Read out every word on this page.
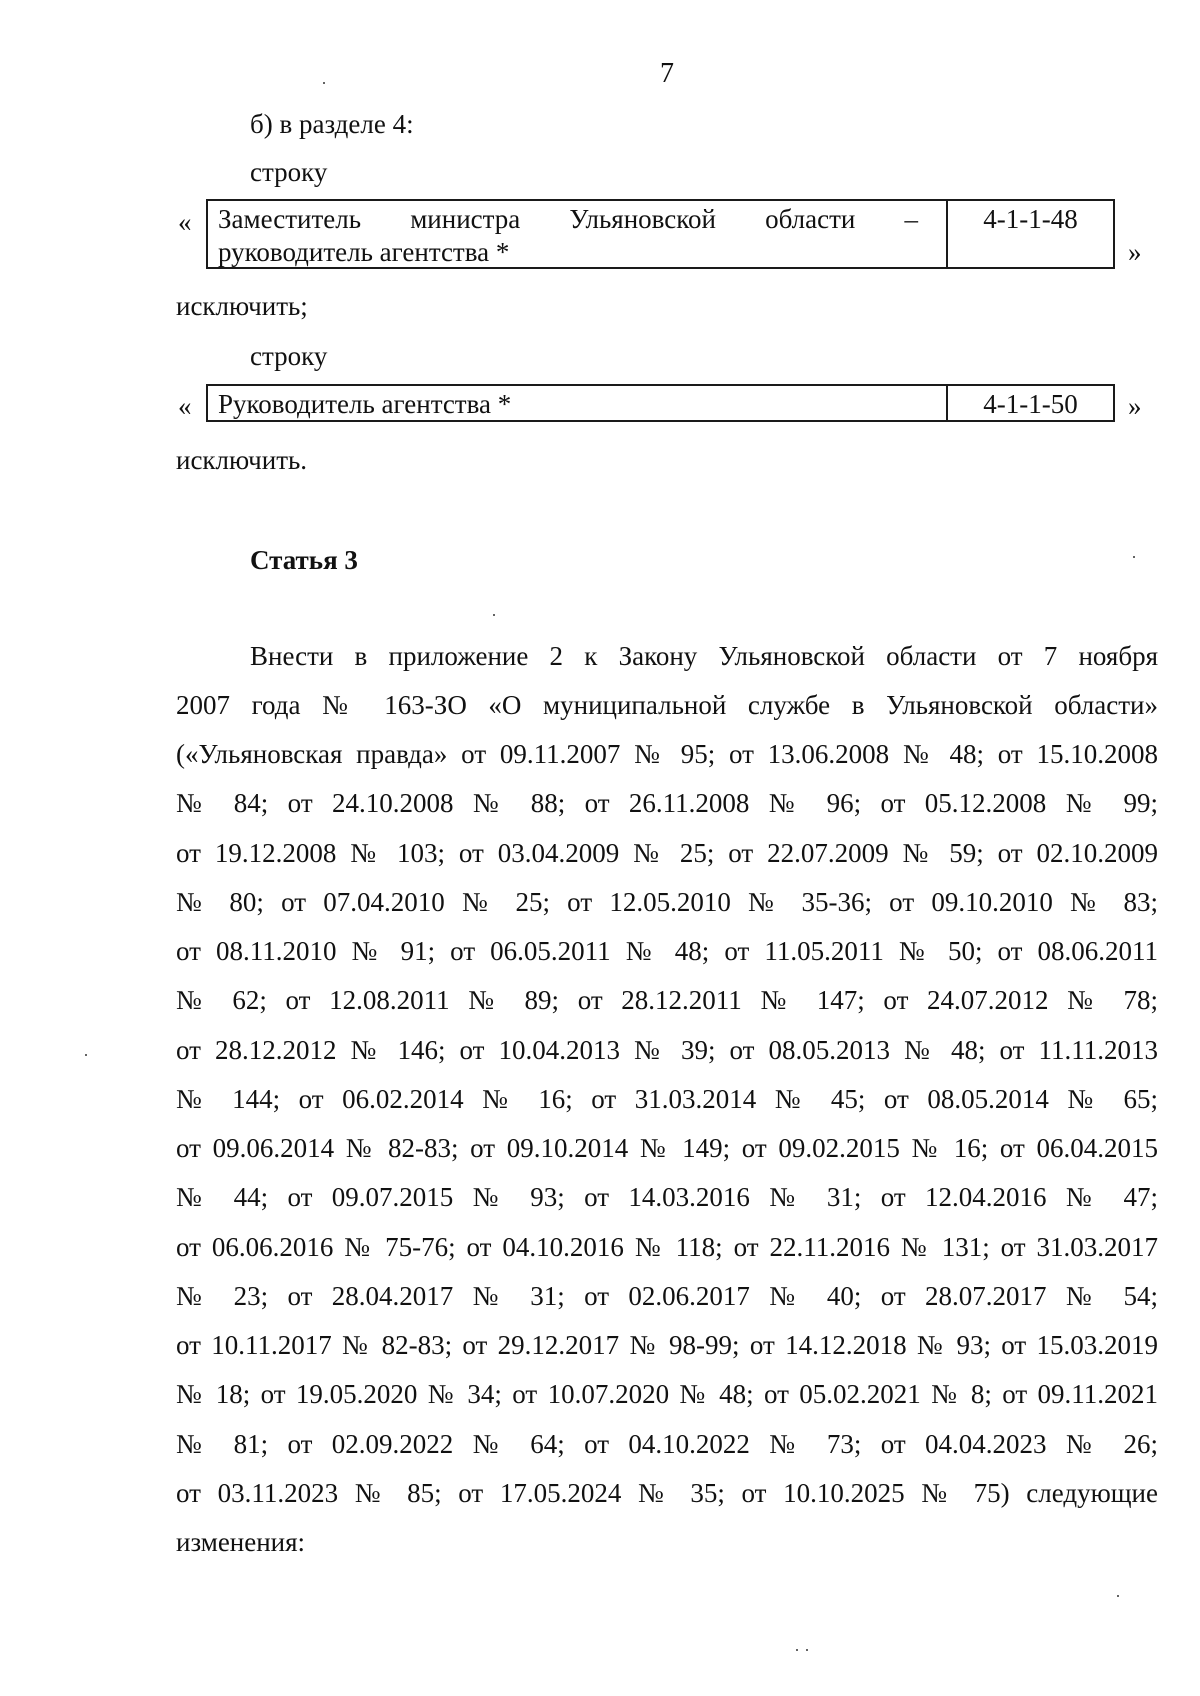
7
б) в разделе 4:
строку
« Заместитель министра Ульяновской области –
руководитель агентства *
4-1-1-48
»
исключить;
строку
« Руководитель агентства *	4-1-1-50	»
исключить.
Статья 3
Внести в приложение 2 к Закону Ульяновской области от 7 ноября
2007 года № 163-ЗО «О муниципальной службе в Ульяновской области»
(«Ульяновская правда» от 09.11.2007 № 95; от 13.06.2008 № 48; от 15.10.2008
№ 84; от 24.10.2008 № 88; от 26.11.2008 № 96; от 05.12.2008 № 99;
от 19.12.2008 № 103; от 03.04.2009 № 25; от 22.07.2009 № 59; от 02.10.2009
№ 80; от 07.04.2010 № 25; от 12.05.2010 № 35-36; от 09.10.2010 № 83;
от 08.11.2010 № 91; от 06.05.2011 № 48; от 11.05.2011 № 50; от 08.06.2011
№ 62; от 12.08.2011 № 89; от 28.12.2011 № 147; от 24.07.2012 № 78;
от 28.12.2012 № 146; от 10.04.2013 № 39; от 08.05.2013 № 48; от 11.11.2013
№ 144; от 06.02.2014 № 16; от 31.03.2014 № 45; от 08.05.2014 № 65;
от 09.06.2014 № 82-83; от 09.10.2014 № 149; от 09.02.2015 № 16; от 06.04.2015
№ 44; от 09.07.2015 № 93; от 14.03.2016 № 31; от 12.04.2016 № 47;
от 06.06.2016 № 75-76; от 04.10.2016 № 118; от 22.11.2016 № 131; от 31.03.2017
№ 23; от 28.04.2017 № 31; от 02.06.2017 № 40; от 28.07.2017 № 54;
от 10.11.2017 № 82-83; от 29.12.2017 № 98-99; от 14.12.2018 № 93; от 15.03.2019
№ 18; от 19.05.2020 № 34; от 10.07.2020 № 48; от 05.02.2021 № 8; от 09.11.2021
№ 81; от 02.09.2022 № 64; от 04.10.2022 № 73; от 04.04.2023 № 26;
от 03.11.2023 № 85; от 17.05.2024 № 35; от 10.10.2025 № 75) следующие
изменения:
